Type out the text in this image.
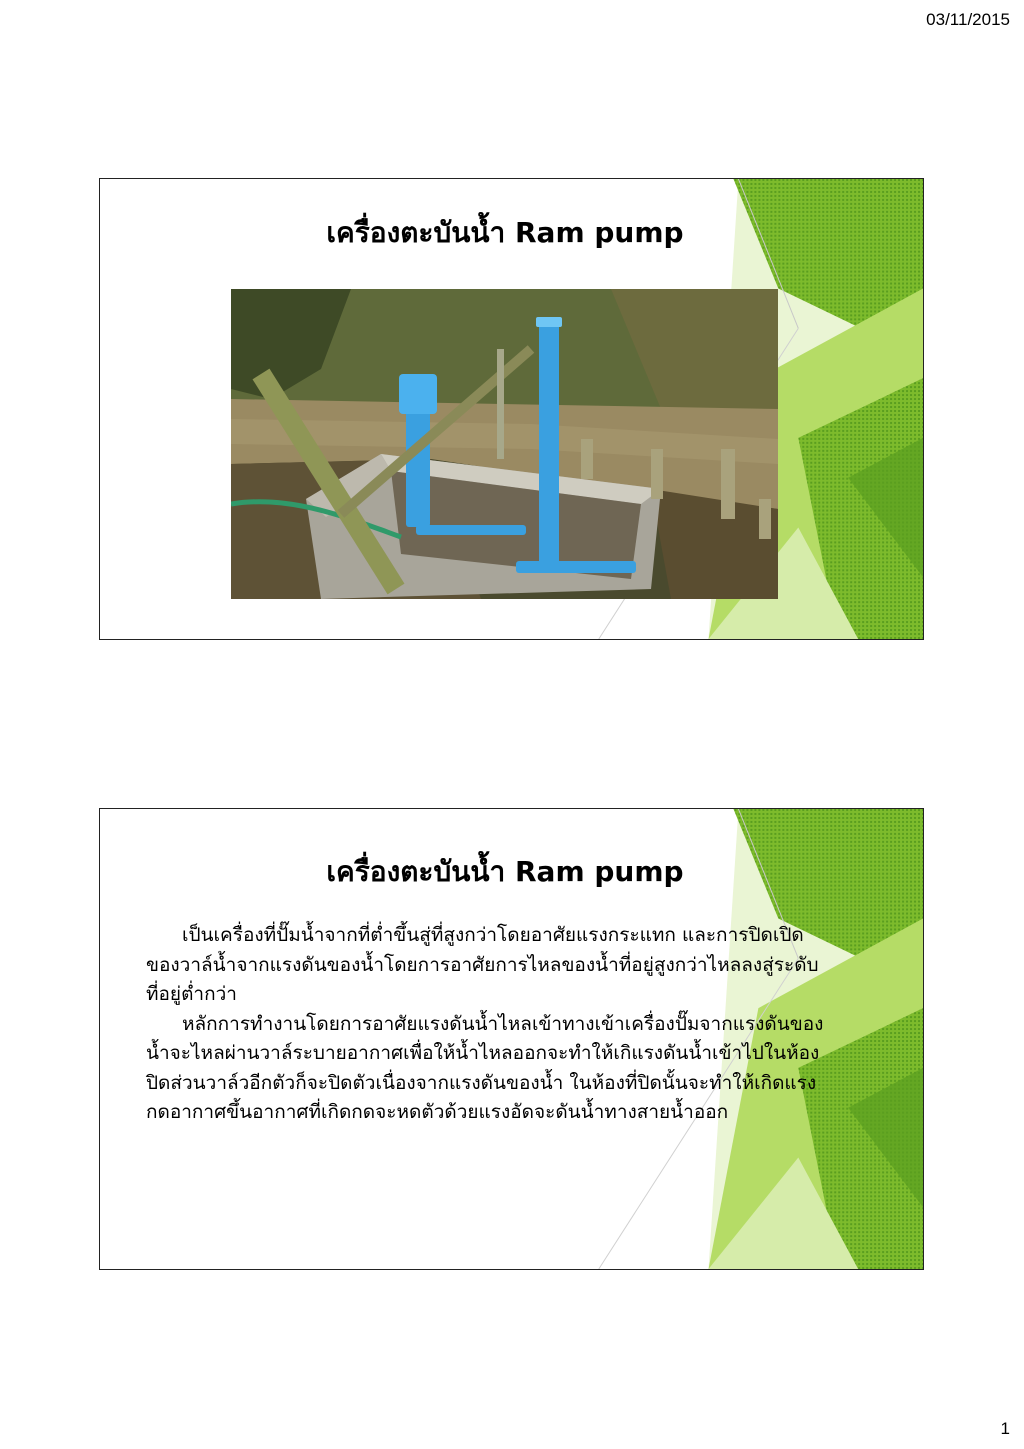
03/11/2015
เครื่องตะบันน้ำ Ram pump
เครื่องตะบันน้ำ Ram pump

เป็นเครื่องที่ปั๊มน้ำจากที่ต่ำขึ้นสู่ที่สูงกว่าโดยอาศัยแรงกระแทก และการปิดเปิดของวาล์น้ำจากแรงดันของน้ำโดยการอาศัยการไหลของน้ำที่อยู่สูงกว่าไหลลงสู่ระดับที่อยู่ต่ำกว่า

หลักการทำงานโดยการอาศัยแรงดันน้ำไหลเข้าทางเข้าเครื่องปั๊มจากแรงดันของน้ำจะไหลผ่านวาล์ระบายอากาศเพื่อให้น้ำไหลออกจะทำให้เกิแรงดันน้ำเข้าไปในห้องปิดส่วนวาล์วอีกตัวก็จะปิดตัวเนื่องจากแรงดันของน้ำ ในห้องที่ปิดนั้นจะทำให้เกิดแรงกดอากาศขึ้นอากาศที่เกิดกดจะหดตัวด้วยแรงอัดจะดันน้ำทางสายน้ำออก

1
